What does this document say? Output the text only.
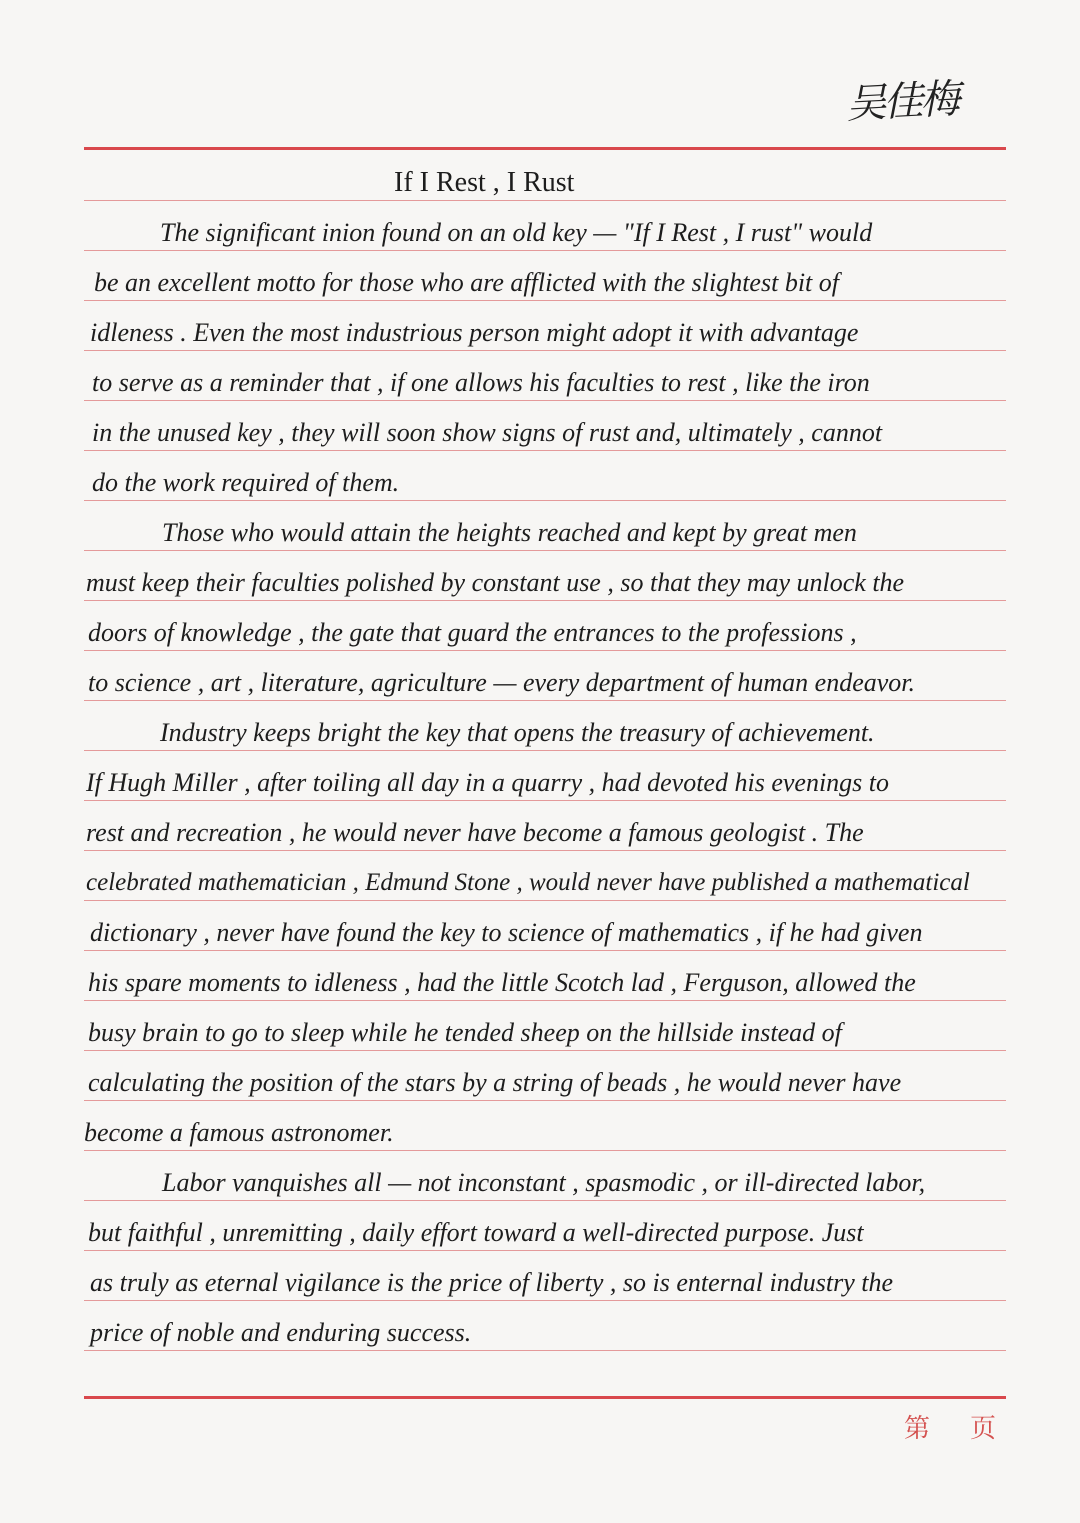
吴佳梅
If I Rest , I Rust
The significant inion found on an old key — "If I Rest , I rust" would
be an excellent motto for those who are afflicted with the slightest bit of
idleness . Even the most industrious person might adopt it with advantage
to serve as a reminder that , if one allows his faculties to rest , like the iron
in the unused key , they will soon show signs of rust and, ultimately , cannot
do the work required of them.
Those who would attain the heights reached and kept by great men
must keep their faculties polished by constant use , so that they may unlock the
doors of knowledge , the gate that guard the entrances to the professions ,
to science , art , literature, agriculture — every department of human endeavor.
Industry keeps bright the key that opens the treasury of achievement.
If Hugh Miller , after toiling all day in a quarry , had devoted his evenings to
rest and recreation , he would never have become a famous geologist . The
celebrated mathematician , Edmund Stone , would never have published a mathematical
dictionary , never have found the key to science of mathematics , if he had given
his spare moments to idleness , had the little Scotch lad , Ferguson, allowed the
busy brain to go to sleep while he tended sheep on the hillside instead of
calculating the position of the stars by a string of beads , he would never have
become a famous astronomer.
Labor vanquishes all — not inconstant , spasmodic , or ill-directed labor,
but faithful , unremitting , daily effort toward a well-directed purpose. Just
as truly as eternal vigilance is the price of liberty , so is enternal industry the
price of noble and enduring success.
第 页
